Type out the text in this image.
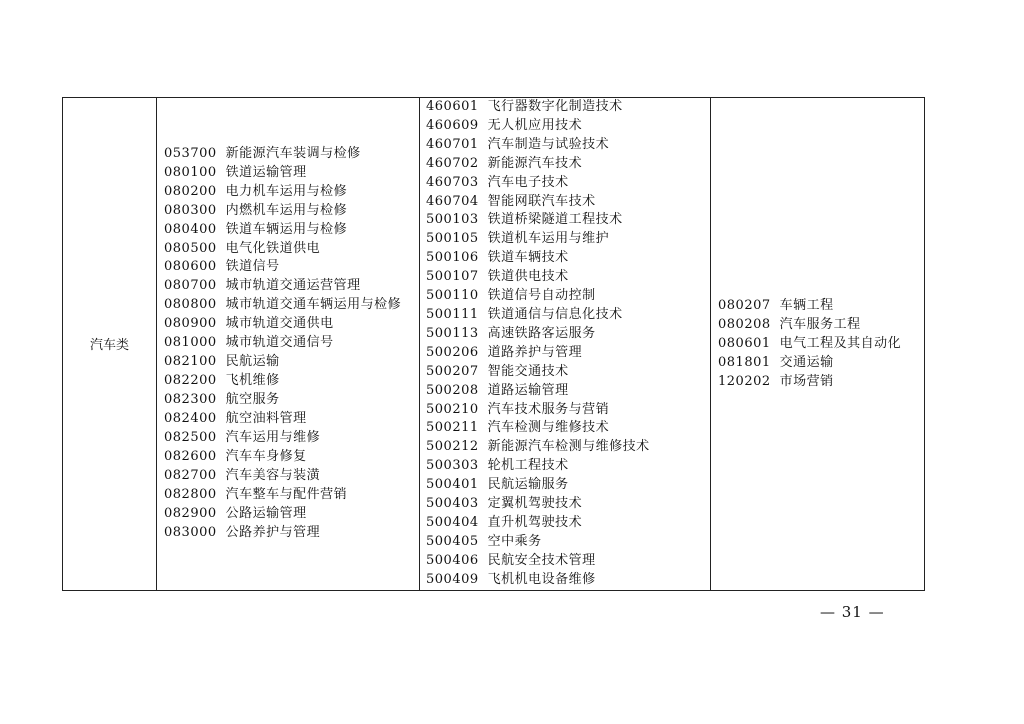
汽车类	
053700 新能源汽车装调与检修
080100 铁道运输管理
080200 电力机车运用与检修
080300 内燃机车运用与检修
080400 铁道车辆运用与检修
080500 电气化铁道供电
080600 铁道信号
080700 城市轨道交通运营管理
080800 城市轨道交通车辆运用与检修
080900 城市轨道交通供电
081000 城市轨道交通信号
082100 民航运输
082200 飞机维修
082300 航空服务
082400 航空油料管理
082500 汽车运用与维修
082600 汽车车身修复
082700 汽车美容与装潢
082800 汽车整车与配件营销
082900 公路运输管理
083000 公路养护与管理

460601 飞行器数字化制造技术
460609 无人机应用技术
460701 汽车制造与试验技术
460702 新能源汽车技术
460703 汽车电子技术
460704 智能网联汽车技术
500103 铁道桥梁隧道工程技术
500105 铁道机车运用与维护
500106 铁道车辆技术
500107 铁道供电技术
500110 铁道信号自动控制
500111 铁道通信与信息化技术
500113 高速铁路客运服务
500206 道路养护与管理
500207 智能交通技术
500208 道路运输管理
500210 汽车技术服务与营销
500211 汽车检测与维修技术
500212 新能源汽车检测与维修技术
500303 轮机工程技术
500401 民航运输服务
500403 定翼机驾驶技术
500404 直升机驾驶技术
500405 空中乘务
500406 民航安全技术管理
500409 飞机机电设备维修

080207 车辆工程
080208 汽车服务工程
080601 电气工程及其自动化
081801 交通运输
120202 市场营销
— 31 —
